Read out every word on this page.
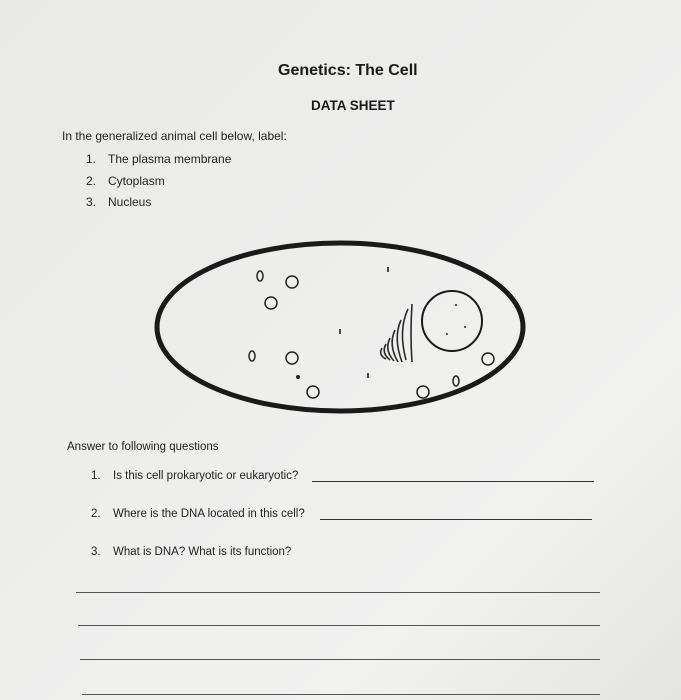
Genetics: The Cell
DATA SHEET
In the generalized animal cell below, label:
1. The plasma membrane
2. Cytoplasm
3. Nucleus
Answer to following questions
1. Is this cell prokaryotic or eukaryotic?
2. Where is the DNA located in this cell?
3. What is DNA? What is its function?
